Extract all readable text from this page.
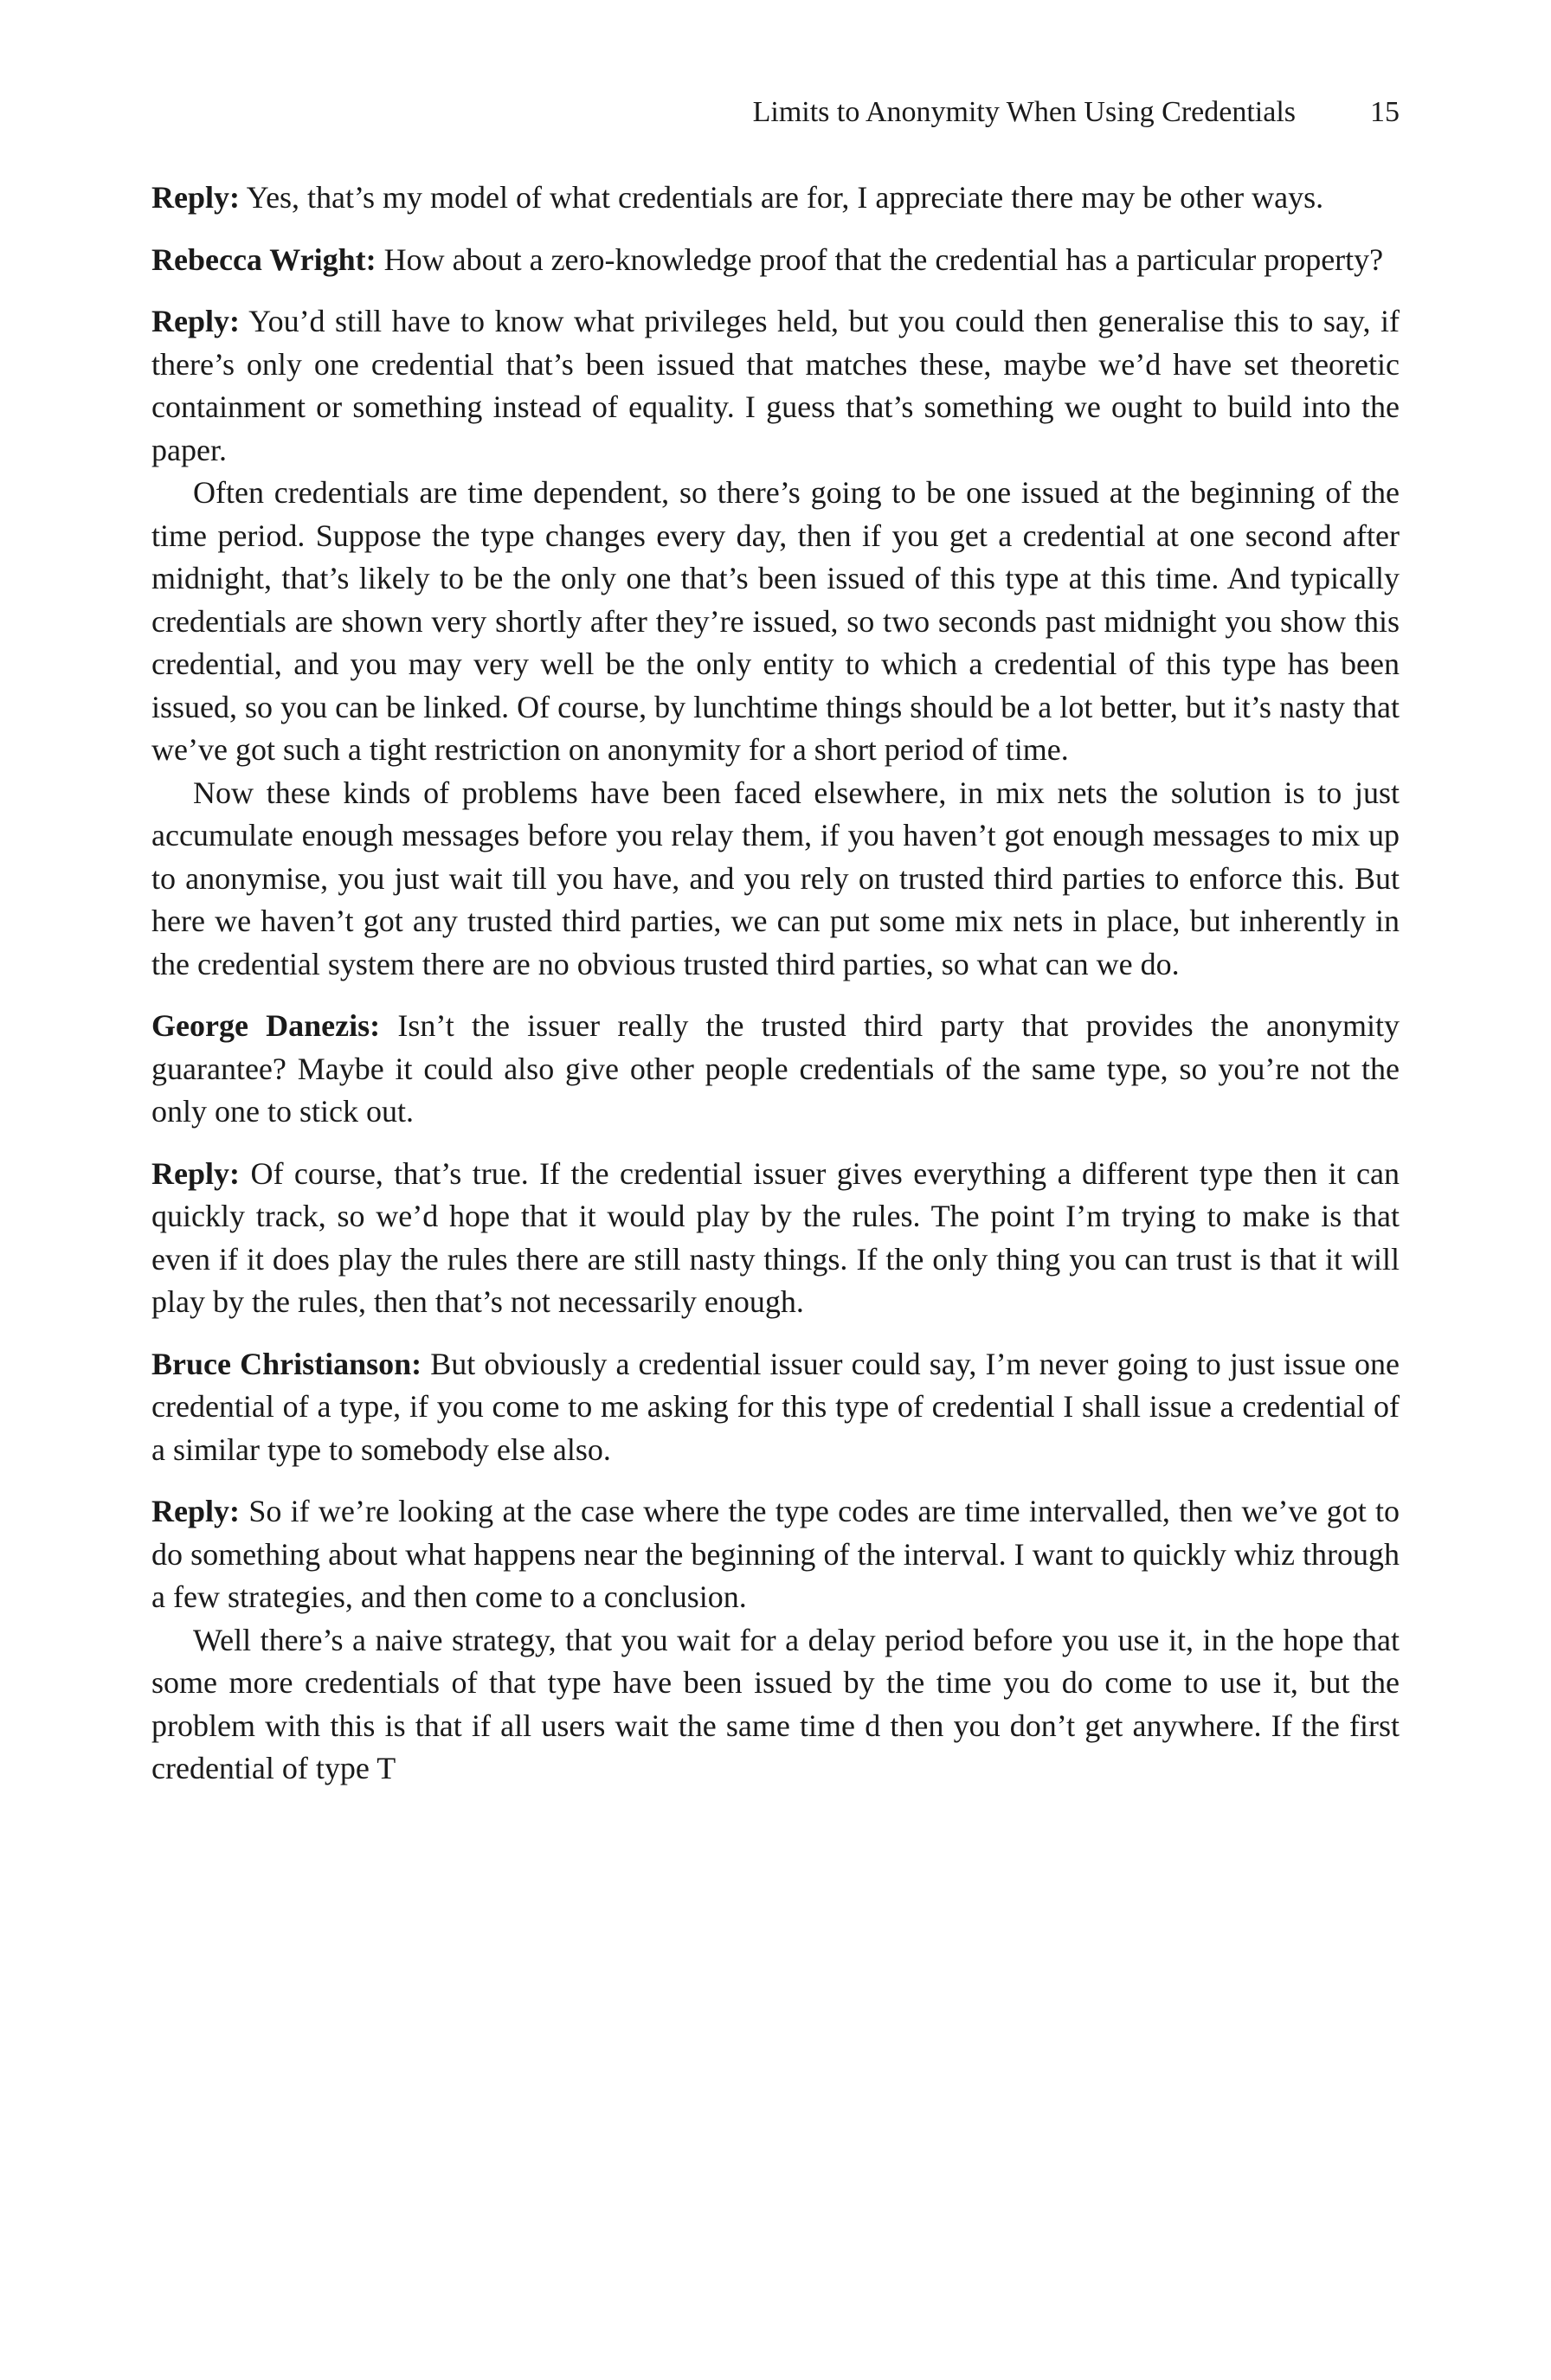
Limits to Anonymity When Using Credentials	15

Reply: Yes, that’s my model of what credentials are for, I appreciate there may be other ways.

Rebecca Wright: How about a zero-knowledge proof that the credential has a particular property?

Reply: You’d still have to know what privileges held, but you could then generalise this to say, if there’s only one credential that’s been issued that matches these, maybe we’d have set theoretic containment or something instead of equality. I guess that’s something we ought to build into the paper.

Often credentials are time dependent, so there’s going to be one issued at the beginning of the time period. Suppose the type changes every day, then if you get a credential at one second after midnight, that’s likely to be the only one that’s been issued of this type at this time. And typically credentials are shown very shortly after they’re issued, so two seconds past midnight you show this credential, and you may very well be the only entity to which a credential of this type has been issued, so you can be linked. Of course, by lunchtime things should be a lot better, but it’s nasty that we’ve got such a tight restriction on anonymity for a short period of time.

Now these kinds of problems have been faced elsewhere, in mix nets the solution is to just accumulate enough messages before you relay them, if you haven’t got enough messages to mix up to anonymise, you just wait till you have, and you rely on trusted third parties to enforce this. But here we haven’t got any trusted third parties, we can put some mix nets in place, but inherently in the credential system there are no obvious trusted third parties, so what can we do.

George Danezis: Isn’t the issuer really the trusted third party that provides the anonymity guarantee? Maybe it could also give other people credentials of the same type, so you’re not the only one to stick out.

Reply: Of course, that’s true. If the credential issuer gives everything a different type then it can quickly track, so we’d hope that it would play by the rules. The point I’m trying to make is that even if it does play the rules there are still nasty things. If the only thing you can trust is that it will play by the rules, then that’s not necessarily enough.

Bruce Christianson: But obviously a credential issuer could say, I’m never going to just issue one credential of a type, if you come to me asking for this type of credential I shall issue a credential of a similar type to somebody else also.

Reply: So if we’re looking at the case where the type codes are time intervalled, then we’ve got to do something about what happens near the beginning of the interval. I want to quickly whiz through a few strategies, and then come to a conclusion.

Well there’s a naive strategy, that you wait for a delay period before you use it, in the hope that some more credentials of that type have been issued by the time you do come to use it, but the problem with this is that if all users wait the same time d then you don’t get anywhere. If the first credential of type T
